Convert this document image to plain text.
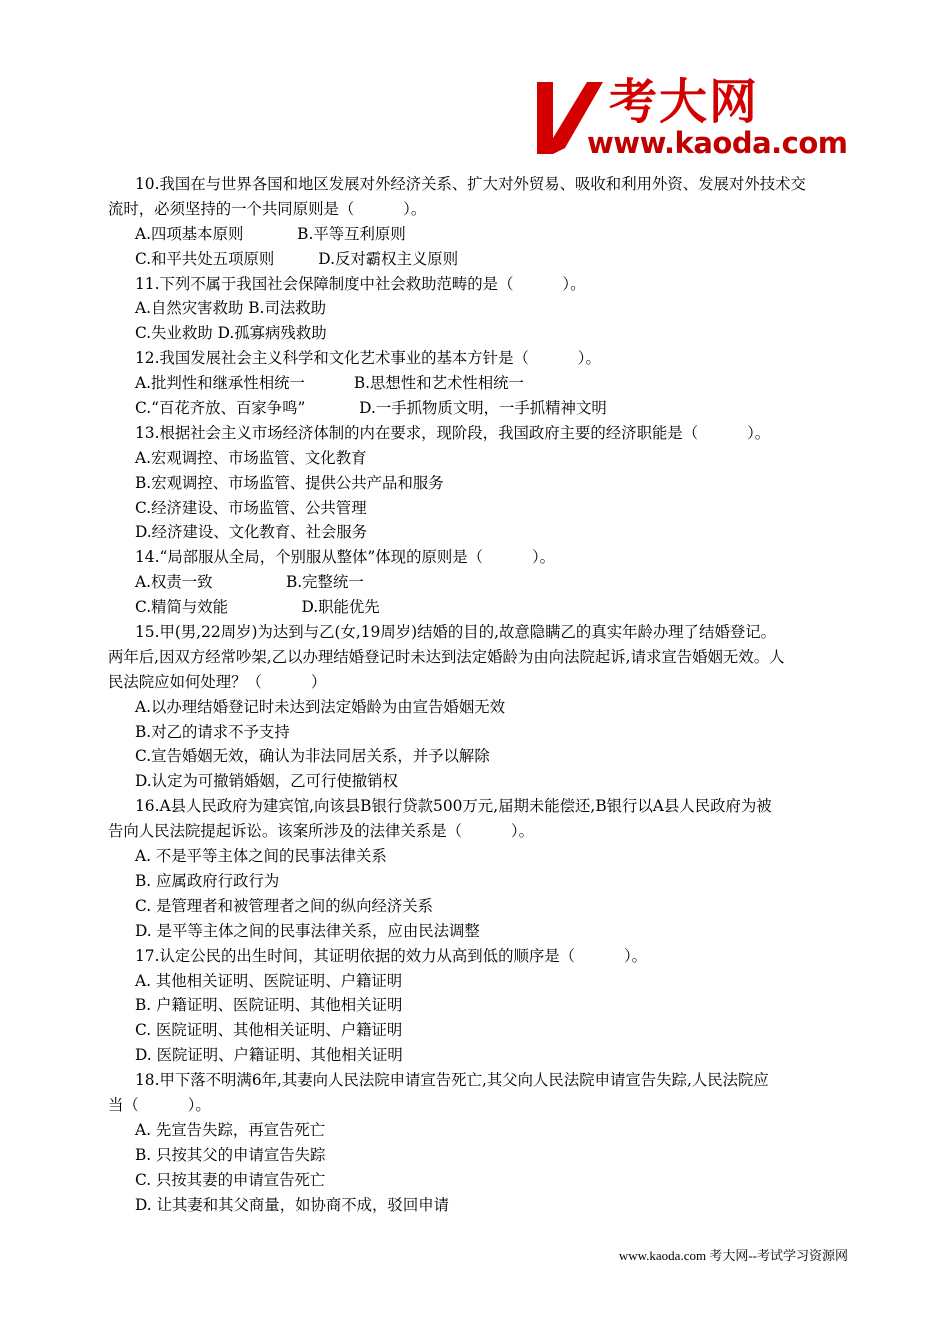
考大网
www.kaoda.com
10.我国在与世界各国和地区发展对外经济关系、扩大对外贸易、吸收和利用外资、发展对外技术交
流时，必须坚持的一个共同原则是（          ）。
A.四项基本原则           B.平等互利原则
C.和平共处五项原则         D.反对霸权主义原则
11.下列不属于我国社会保障制度中社会救助范畴的是（          ）。
A.自然灾害救助 B.司法救助
C.失业救助 D.孤寡病残救助
12.我国发展社会主义科学和文化艺术事业的基本方针是（          ）。
A.批判性和继承性相统一          B.思想性和艺术性相统一
C.“百花齐放、百家争鸣”           D.一手抓物质文明，一手抓精神文明
13.根据社会主义市场经济体制的内在要求，现阶段，我国政府主要的经济职能是（          ）。
A.宏观调控、市场监管、文化教育
B.宏观调控、市场监管、提供公共产品和服务
C.经济建设、市场监管、公共管理
D.经济建设、文化教育、社会服务
14.“局部服从全局，个别服从整体”体现的原则是（          ）。
A.权责一致               B.完整统一
C.精简与效能               D.职能优先
15.甲(男,22周岁)为达到与乙(女,19周岁)结婚的目的,故意隐瞒乙的真实年龄办理了结婚登记。
两年后,因双方经常吵架,乙以办理结婚登记时未达到法定婚龄为由向法院起诉,请求宣告婚姻无效。人
民法院应如何处理？（          ）
A.以办理结婚登记时未达到法定婚龄为由宣告婚姻无效
B.对乙的请求不予支持
C.宣告婚姻无效，确认为非法同居关系，并予以解除
D.认定为可撤销婚姻，乙可行使撤销权
16.A县人民政府为建宾馆,向该县B银行贷款500万元,届期未能偿还,B银行以A县人民政府为被
告向人民法院提起诉讼。该案所涉及的法律关系是（          ）。
A. 不是平等主体之间的民事法律关系
B. 应属政府行政行为
C. 是管理者和被管理者之间的纵向经济关系
D. 是平等主体之间的民事法律关系，应由民法调整
17.认定公民的出生时间，其证明依据的效力从高到低的顺序是（          ）。
A. 其他相关证明、医院证明、户籍证明
B. 户籍证明、医院证明、其他相关证明
C. 医院证明、其他相关证明、户籍证明
D. 医院证明、户籍证明、其他相关证明
18.甲下落不明满6年,其妻向人民法院申请宣告死亡,其父向人民法院申请宣告失踪,人民法院应
当（          ）。
A. 先宣告失踪，再宣告死亡
B. 只按其父的申请宣告失踪
C. 只按其妻的申请宣告死亡
D. 让其妻和其父商量，如协商不成，驳回申请
www.kaoda.com 考大网--考试学习资源网
